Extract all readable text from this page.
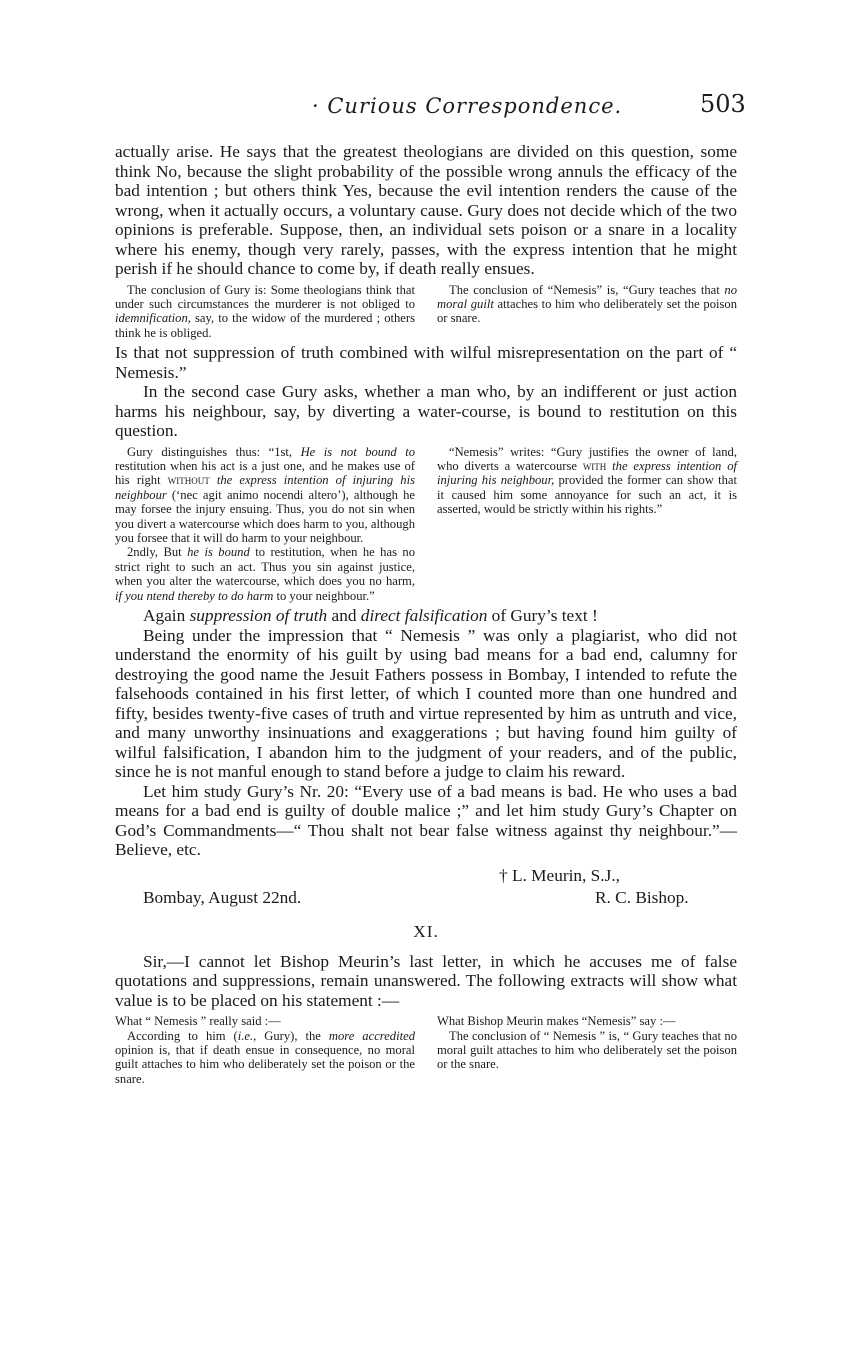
· Curious Correspondence.	503

actually arise. He says that the greatest theologians are divided on this question, some think No, because the slight probability of the possible wrong annuls the efficacy of the bad intention ; but others think Yes, because the evil intention renders the cause of the wrong, when it actually occurs, a voluntary cause. Gury does not decide which of the two opinions is preferable. Suppose, then, an individual sets poison or a snare in a locality where his enemy, though very rarely, passes, with the express intention that he might perish if he should chance to come by, if death really ensues.

The conclusion of Gury is: Some theologians think that under such circumstances the murderer is not obliged to idemnification, say, to the widow of the murdered ; others think he is obliged.

The conclusion of “Nemesis” is, “Gury teaches that no moral guilt attaches to him who deliberately set the poison or snare.

Is that not suppression of truth combined with wilful misrepresentation on the part of “ Nemesis.”

In the second case Gury asks, whether a man who, by an indifferent or just action harms his neighbour, say, by diverting a water-course, is bound to restitution on this question.

Gury distinguishes thus: “1st, He is not bound to restitution when his act is a just one, and he makes use of his right without the express intention of injuring his neighbour (‘nec agit animo nocendi altero’), although he may forsee the injury ensuing. Thus, you do not sin when you divert a watercourse which does harm to you, although you forsee that it will do harm to your neighbour.

2ndly, But he is bound to restitution, when he has no strict right to such an act. Thus you sin against justice, when you alter the watercourse, which does you no harm, if you ntend thereby to do harm to your neighbour.”

“Nemesis” writes: “Gury justifies the owner of land, who diverts a watercourse with the express intention of injuring his neighbour, provided the former can show that it caused him some annoyance for such an act, it is asserted, would be strictly within his rights.”

Again suppression of truth and direct falsification of Gury’s text !

Being under the impression that “ Nemesis ” was only a plagiarist, who did not understand the enormity of his guilt by using bad means for a bad end, calumny for destroying the good name the Jesuit Fathers possess in Bombay, I intended to refute the falsehoods contained in his first letter, of which I counted more than one hundred and fifty, besides twenty-five cases of truth and virtue represented by him as untruth and vice, and many unworthy insinuations and exaggerations ; but having found him guilty of wilful falsification, I abandon him to the judgment of your readers, and of the public, since he is not manful enough to stand before a judge to claim his reward.

Let him study Gury’s Nr. 20: “Every use of a bad means is bad. He who uses a bad means for a bad end is guilty of double malice ;” and let him study Gury’s Chapter on God’s Commandments—“ Thou shalt not bear false witness against thy neighbour.”—Believe, etc.

† L. Meurin, S.J.,
Bombay, August 22nd.	R. C. Bishop.
XI.

Sir,—I cannot let Bishop Meurin’s last letter, in which he accuses me of false quotations and suppressions, remain unanswered. The following extracts will show what value is to be placed on his statement :—

What “ Nemesis ” really said :—

According to him (i.e., Gury), the more accredited opinion is, that if death ensue in consequence, no moral guilt attaches to him who deliberately set the poison or the snare.

What Bishop Meurin makes “Nemesis” say :—

The conclusion of “ Nemesis ” is, “ Gury teaches that no moral guilt attaches to him who deliberately set the poison or the snare.
